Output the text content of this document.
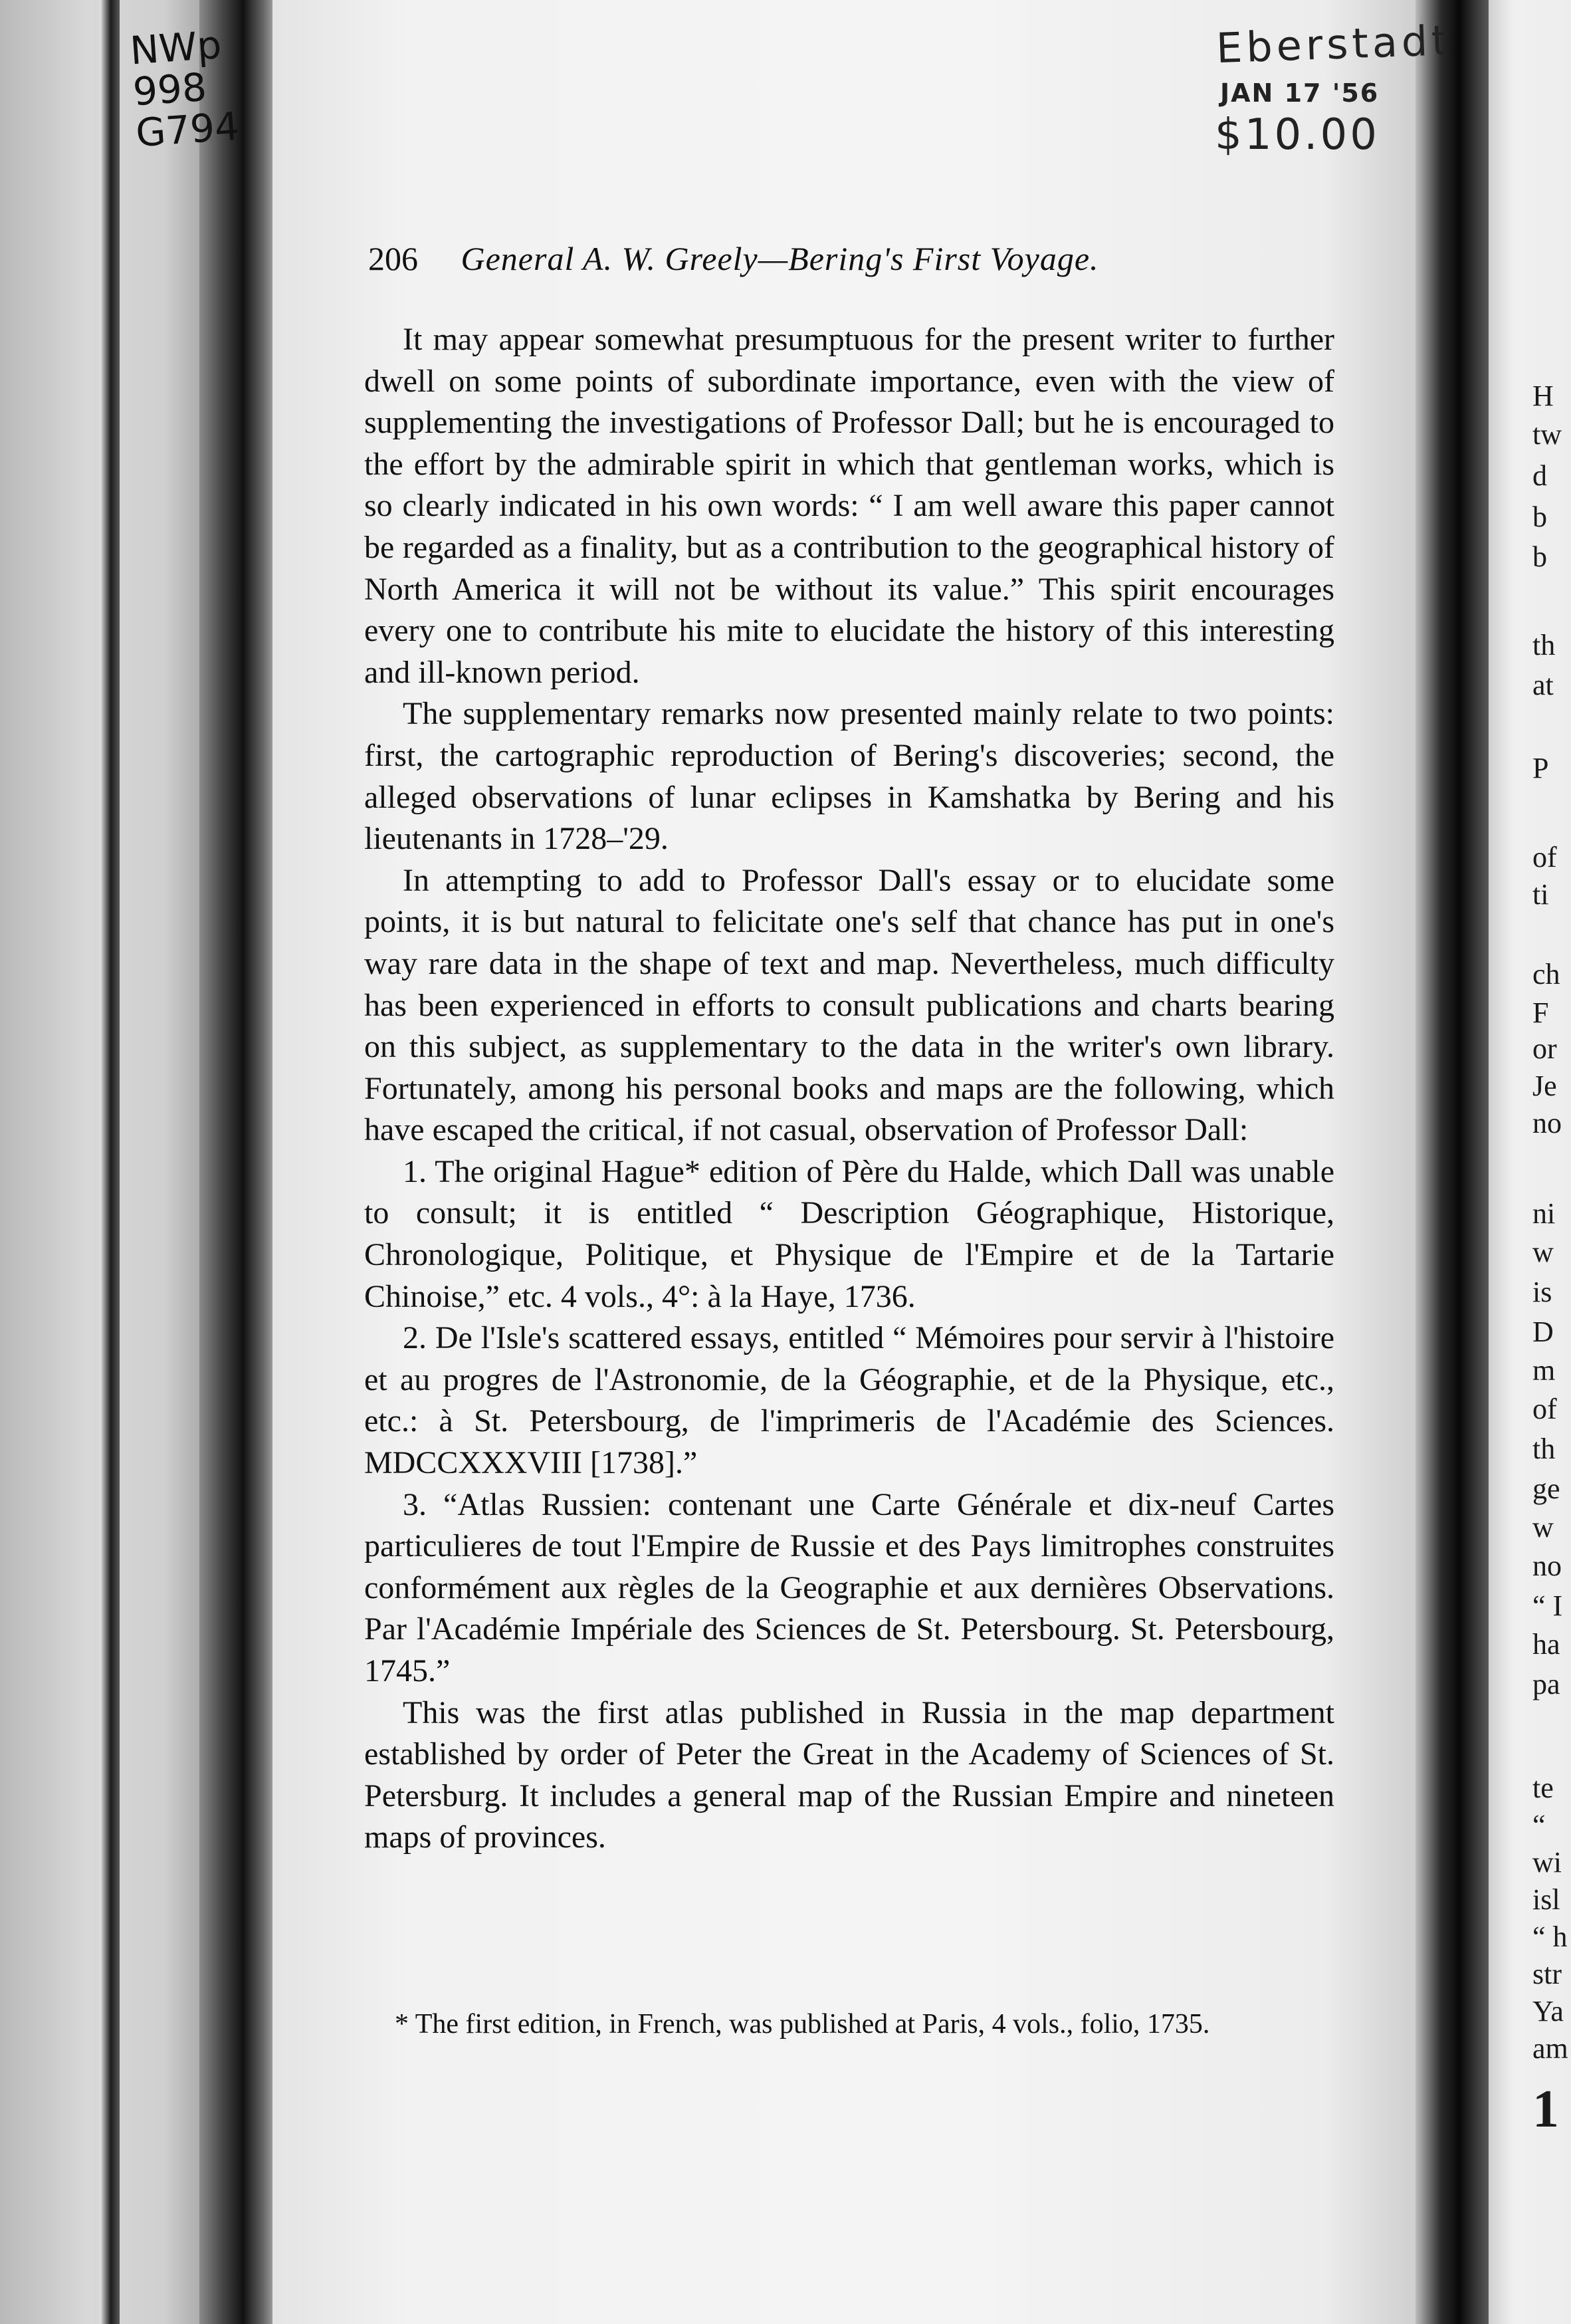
H
tw
d
b
b
th
at
P
of
ti
ch
F
or
Je
no
ni
w
is
D
m
of
th
ge
w
no
“ I
ha
pa
te
“
wi
isl
“ h
str
Ya
am
1
NWp
998
G794
Eberstadt
JAN 17 '56
$10.00
206 General A. W. Greely—Bering's First Voyage.

It may appear somewhat presumptuous for the present writer to further dwell on some points of subordinate importance, even with the view of supplementing the investigations of Professor Dall; but he is encouraged to the effort by the admirable spirit in which that gentleman works, which is so clearly indicated in his own words: “ I am well aware this paper cannot be regarded as a finality, but as a contribution to the geographical history of North America it will not be without its value.” This spirit encourages every one to contribute his mite to elucidate the history of this interesting and ill-known period.

The supplementary remarks now presented mainly relate to two points: first, the cartographic reproduction of Bering's discoveries; second, the alleged observations of lunar eclipses in Kamshatka by Bering and his lieutenants in 1728–'29.

In attempting to add to Professor Dall's essay or to elucidate some points, it is but natural to felicitate one's self that chance has put in one's way rare data in the shape of text and map. Nevertheless, much difficulty has been experienced in efforts to consult publications and charts bearing on this subject, as supplementary to the data in the writer's own library. Fortunately, among his personal books and maps are the following, which have escaped the critical, if not casual, observation of Professor Dall:

1. The original Hague* edition of Père du Halde, which Dall was unable to consult; it is entitled “ Description Géographique, Historique, Chronologique, Politique, et Physique de l'Empire et de la Tartarie Chinoise,” etc. 4 vols., 4°: à la Haye, 1736.

2. De l'Isle's scattered essays, entitled “ Mémoires pour servir à l'histoire et au progres de l'Astronomie, de la Géographie, et de la Physique, etc., etc.: à St. Petersbourg, de l'imprimeris de l'Académie des Sciences. MDCCXXXVIII [1738].”

3. “Atlas Russien: contenant une Carte Générale et dix-neuf Cartes particulieres de tout l'Empire de Russie et des Pays limitrophes construites conformément aux règles de la Geographie et aux dernières Observations. Par l'Académie Impériale des Sciences de St. Petersbourg. St. Petersbourg, 1745.”

This was the first atlas published in Russia in the map department established by order of Peter the Great in the Academy of Sciences of St. Petersburg. It includes a general map of the Russian Empire and nineteen maps of provinces.

* The first edition, in French, was published at Paris, 4 vols., folio, 1735.
